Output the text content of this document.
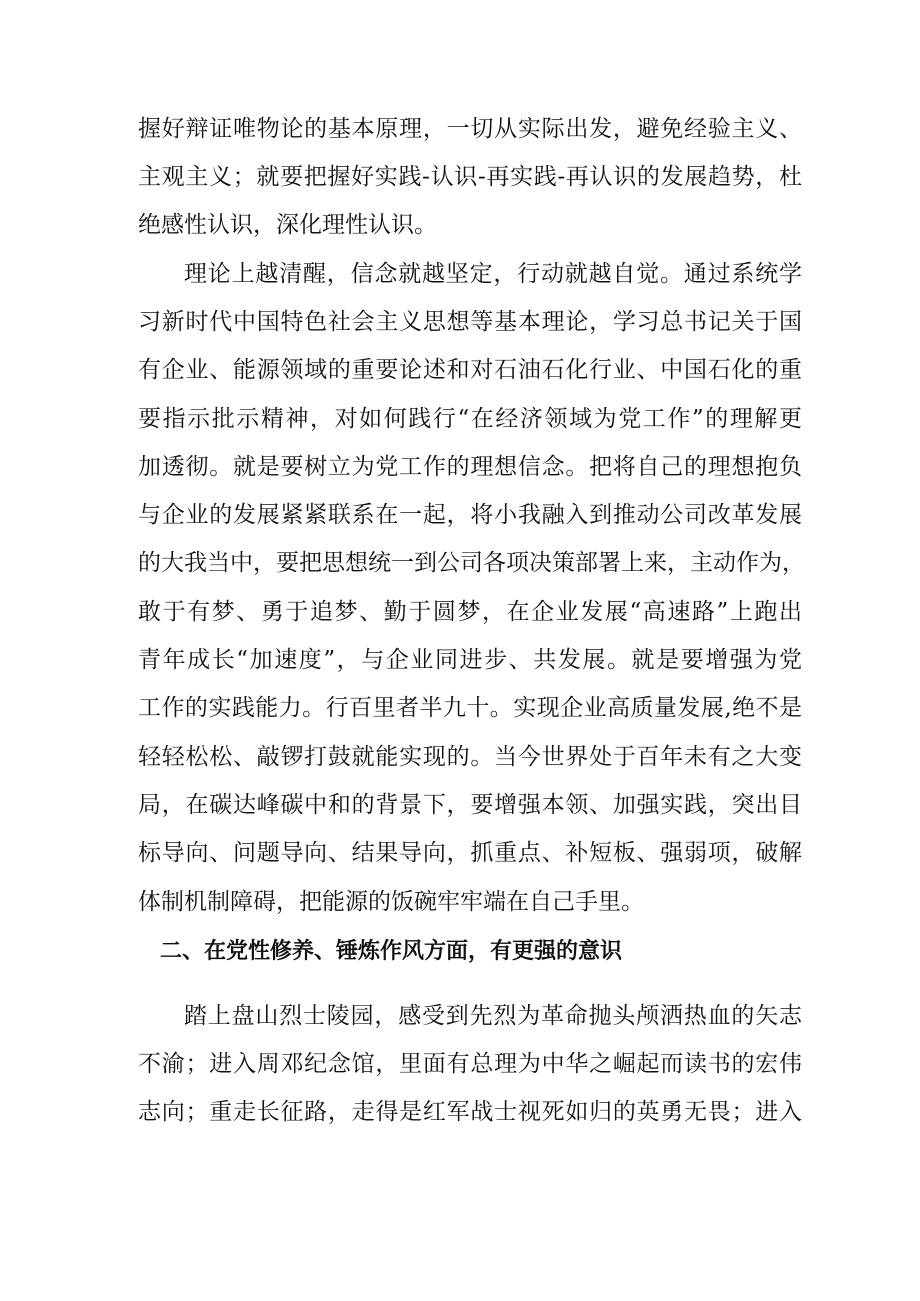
握好辩证唯物论的基本原理，一切从实际出发，避免经验主义、
主观主义；就要把握好实践-认识-再实践-再认识的发展趋势，杜
绝感性认识，深化理性认识。
理论上越清醒，信念就越坚定，行动就越自觉。通过系统学
习新时代中国特色社会主义思想等基本理论，学习总书记关于国
有企业、能源领域的重要论述和对石油石化行业、中国石化的重
要指示批示精神，对如何践行“在经济领域为党工作”的理解更
加透彻。就是要树立为党工作的理想信念。把将自己的理想抱负
与企业的发展紧紧联系在一起，将小我融入到推动公司改革发展
的大我当中，要把思想统一到公司各项决策部署上来，主动作为，
敢于有梦、勇于追梦、勤于圆梦，在企业发展“高速路”上跑出
青年成长“加速度”，与企业同进步、共发展。就是要增强为党
工作的实践能力。行百里者半九十。实现企业高质量发展,绝不是
轻轻松松、敲锣打鼓就能实现的。当今世界处于百年未有之大变
局，在碳达峰碳中和的背景下，要增强本领、加强实践，突出目
标导向、问题导向、结果导向，抓重点、补短板、强弱项，破解
体制机制障碍，把能源的饭碗牢牢端在自己手里。
二、在党性修养、锤炼作风方面，有更强的意识
踏上盘山烈士陵园，感受到先烈为革命抛头颅洒热血的矢志
不渝；进入周邓纪念馆，里面有总理为中华之崛起而读书的宏伟
志向；重走长征路，走得是红军战士视死如归的英勇无畏；进入
